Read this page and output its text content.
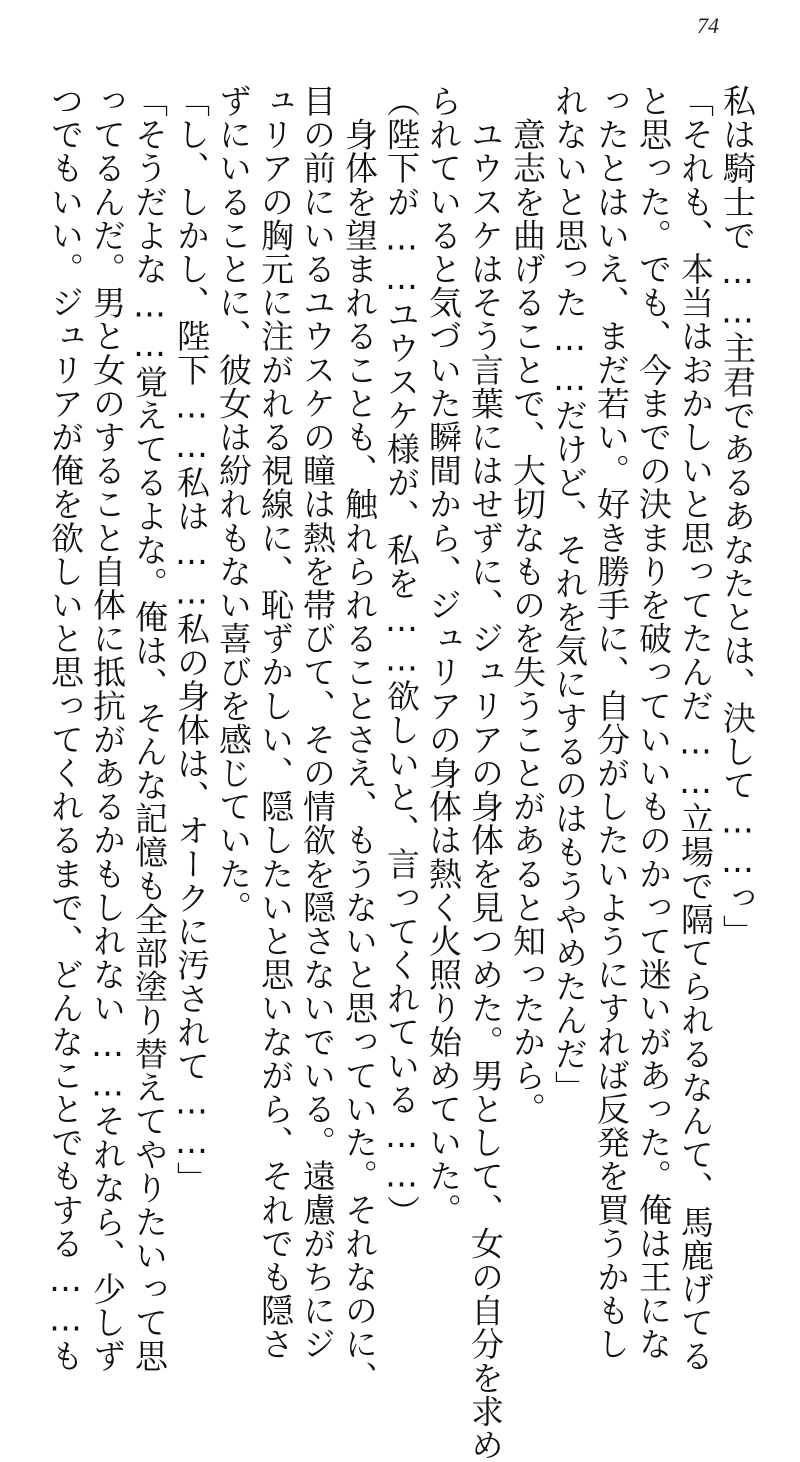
74
私は騎士で……主君であるあなたとは、決して……っ」
「それも、本当はおかしいと思ってたんだ……立場で隔てられるなんて、馬鹿げてる
と思った。でも、今までの決まりを破っていいものかって迷いがあった。俺は王にな
ったとはいえ、まだ若い。好き勝手に、自分がしたいようにすれば反発を買うかもし
れないと思った……だけど、それを気にするのはもうやめたんだ」
　意志を曲げることで、大切なものを失うことがあると知ったから。
　ユウスケはそう言葉にはせずに、ジュリアの身体を見つめた。男として、女の自分を求め
られていると気づいた瞬間から、ジュリアの身体は熱く火照り始めていた。
（陛下が……ユウスケ様が、私を……欲しいと、言ってくれている……）
　身体を望まれることも、触れられることさえ、もうないと思っていた。それなのに、
目の前にいるユウスケの瞳は熱を帯びて、その情欲を隠さないでいる。遠慮がちにジ
ュリアの胸元に注がれる視線に、恥ずかしい、隠したいと思いながら、それでも隠さ
ずにいることに、彼女は紛れもない喜びを感じていた。
「し、しかし、陛下……私は……私の身体は、オークに汚されて……」
「そうだよな……覚えてるよな。俺は、そんな記憶も全部塗り替えてやりたいって思
ってるんだ。男と女のすること自体に抵抗があるかもしれない……それなら、少しず
つでもいい。ジュリアが俺を欲しいと思ってくれるまで、どんなことでもする……も
